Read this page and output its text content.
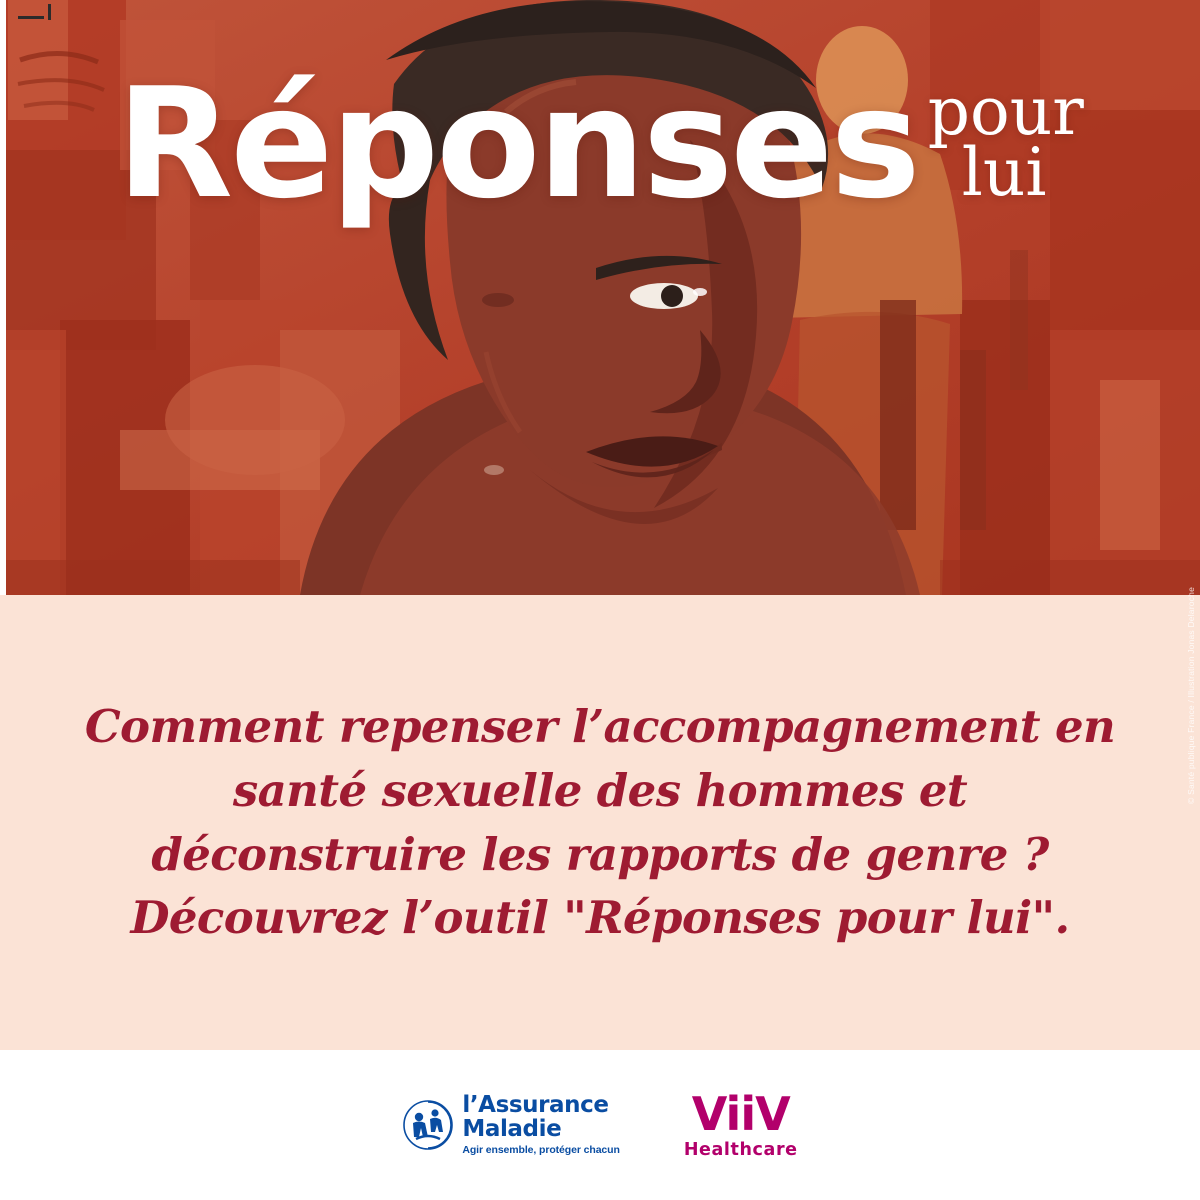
Réponses pour
lui
© Santé publique France / Illustration Jonas Delaroche
Comment repenser l’accompagnement en santé sexuelle des hommes et déconstruire les rapports de genre ? Découvrez l’outil "Réponses pour lui".
l’Assurance
Maladie
Agir ensemble, protéger chacun
ViiV
Healthcare
